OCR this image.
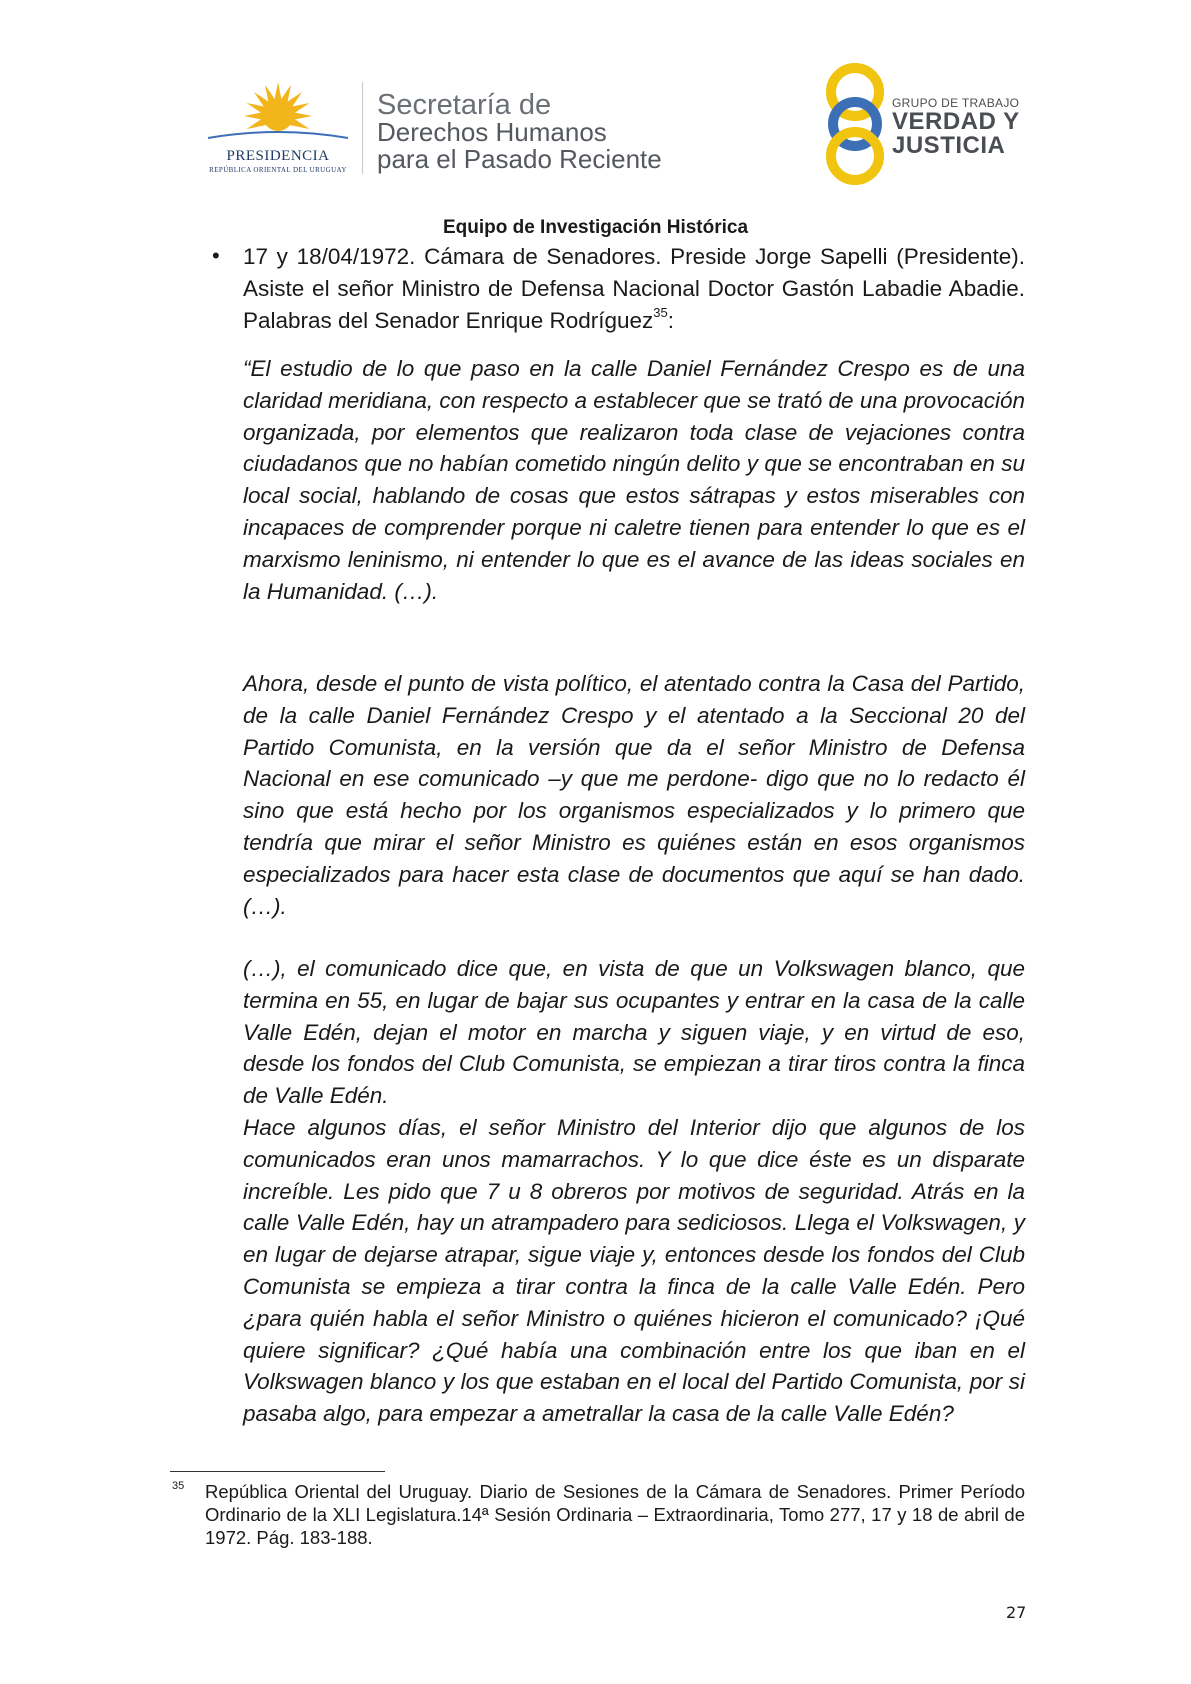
PRESIDENCIA
REPÚBLICA ORIENTAL DEL URUGUAY
Secretaría de
Derechos Humanos
para el Pasado Reciente
GRUPO DE TRABAJO
VERDAD Y
JUSTICIA
Equipo de Investigación Histórica
• 17 y 18/04/1972. Cámara de Senadores. Preside Jorge Sapelli (Presidente). Asiste el señor Ministro de Defensa Nacional Doctor Gastón Labadie Abadie. Palabras del Senador Enrique Rodríguez$^{35}$:
“El estudio de lo que paso en la calle Daniel Fernández Crespo es de una claridad meridiana, con respecto a establecer que se trató de una provocación organizada, por elementos que realizaron toda clase de vejaciones contra ciudadanos que no habían cometido ningún delito y que se encontraban en su local social, hablando de cosas que estos sátrapas y estos miserables con incapaces de comprender porque ni caletre tienen para entender lo que es el marxismo leninismo, ni entender lo que es el avance de las ideas sociales en la Humanidad. (…).
Ahora, desde el punto de vista político, el atentado contra la Casa del Partido, de la calle Daniel Fernández Crespo y el atentado a la Seccional 20 del Partido Comunista, en la versión que da el señor Ministro de Defensa Nacional en ese comunicado –y que me perdone- digo que no lo redacto él sino que está hecho por los organismos especializados y lo primero que tendría que mirar el señor Ministro es quiénes están en esos organismos especializados para hacer esta clase de documentos que aquí se han dado. (…).
(…), el comunicado dice que, en vista de que un Volkswagen blanco, que termina en 55, en lugar de bajar sus ocupantes y entrar en la casa de la calle Valle Edén, dejan el motor en marcha y siguen viaje, y en virtud de eso, desde los fondos del Club Comunista, se empiezan a tirar tiros contra la finca de Valle Edén.
Hace algunos días, el señor Ministro del Interior dijo que algunos de los comunicados eran unos mamarrachos. Y lo que dice éste es un disparate increíble. Les pido que 7 u 8 obreros por motivos de seguridad. Atrás en la calle Valle Edén, hay un atrampadero para sediciosos. Llega el Volkswagen, y en lugar de dejarse atrapar, sigue viaje y, entonces desde los fondos del Club Comunista se empieza a tirar contra la finca de la calle Valle Edén. Pero ¿para quién habla el señor Ministro o quiénes hicieron el comunicado? ¡Qué quiere significar? ¿Qué había una combinación entre los que iban en el Volkswagen blanco y los que estaban en el local del Partido Comunista, por si pasaba algo, para empezar a ametrallar la casa de la calle Valle Edén?
35 República Oriental del Uruguay. Diario de Sesiones de la Cámara de Senadores. Primer Período Ordinario de la XLI Legislatura.14ª Sesión Ordinaria – Extraordinaria, Tomo 277, 17 y 18 de abril de 1972. Pág. 183-188.
27
